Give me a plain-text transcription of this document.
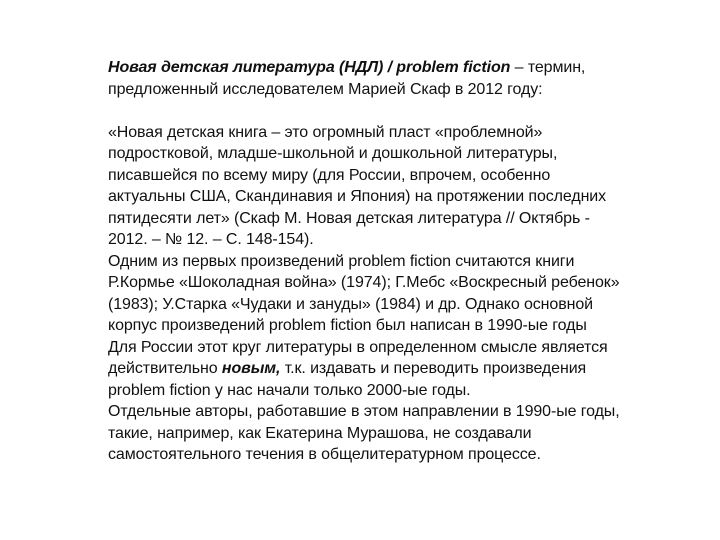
Новая детская литература (НДЛ) / problem fiction – термин,

предложенный исследователем Марией Скаф в 2012 году:

«Новая детская книга – это огромный пласт «проблемной»

подростковой, младше-школьной и дошкольной литературы,

писавшейся по всему миру (для России, впрочем, особенно

актуальны США, Скандинавия и Япония) на протяжении последних

пятидесяти лет» (Скаф М. Новая детская литература // Октябрь -

2012. – № 12. – С. 148-154).

Одним из первых произведений problem fiction считаются книги

Р.Кормье «Шоколадная война» (1974); Г.Мебс «Воскресный ребенок»

(1983); У.Старка «Чудаки и зануды» (1984) и др. Однако основной

корпус произведений problem fiction был написан в 1990-ые годы

Для России этот круг литературы в определенном смысле является

действительно новым, т.к. издавать и переводить произведения

problem fiction у нас начали только 2000-ые годы.

Отдельные авторы, работавшие в этом направлении в 1990-ые годы,

такие, например, как Екатерина Мурашова, не создавали

самостоятельного течения в общелитературном процессе.
